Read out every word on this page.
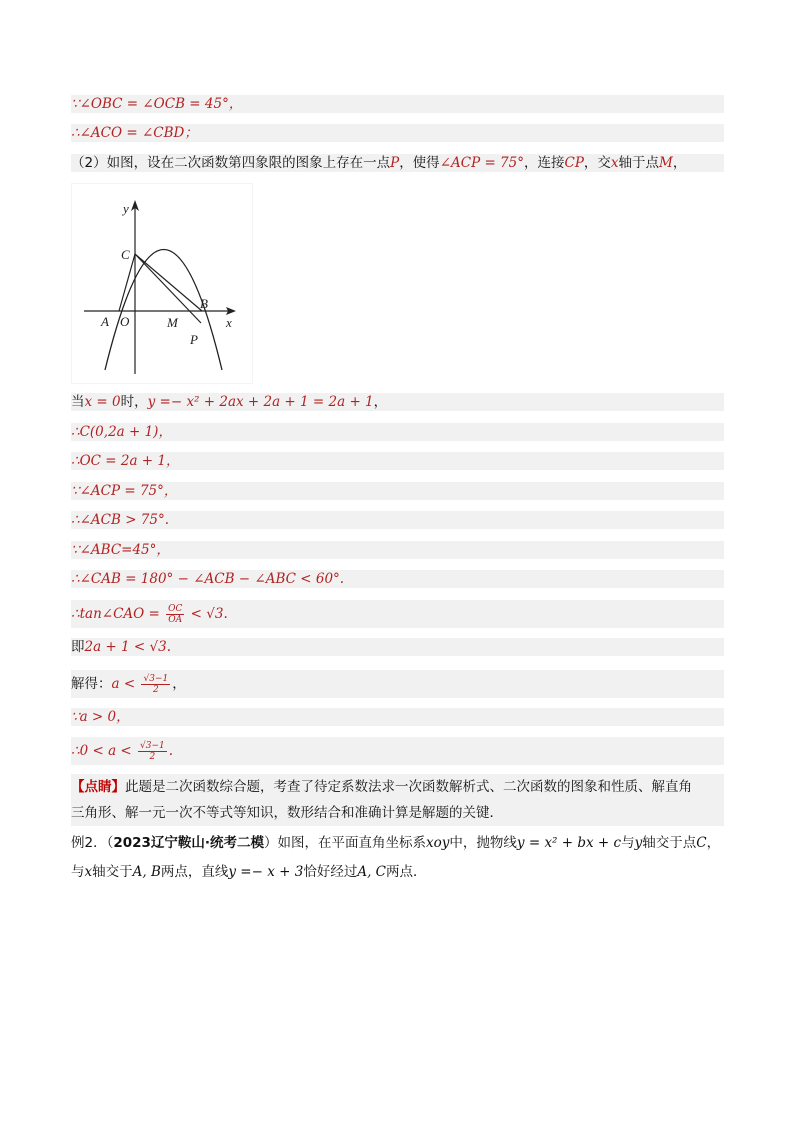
∵∠OBC = ∠OCB = 45°，
∴∠ACO = ∠CBD；
（2）如图，设在二次函数第四象限的图象上存在一点P，使得∠ACP = 75°，连接CP，交x轴于点M，
y
x
C
A O	M
B
P
当x = 0时，y =− x² + 2ax + 2a + 1 = 2a + 1，
∴C(0,2a + 1)，
∴OC = 2a + 1，
∵∠ACP = 75°，
∴∠ACB > 75°.
∵∠ABC=45°，
∴∠CAB = 180° − ∠ACB − ∠ABC < 60°.
∴tan∠CAO = $\frac{OC}{OA} < √3$.
即2a + 1 < √3.
解得：$a < \frac{√3-1}{2}$ ，
∵a > 0，
∴0 < $a < \frac{√3-1}{2}$ .
【点睛】此题是二次函数综合题，考查了待定系数法求一次函数解析式、二次函数的图象和性质、解直角
三角形、解一元一次不等式等知识，数形结合和准确计算是解题的关键．
例2．（2023辽宁鞍山·统考二模）如图，在平面直角坐标系xoy中，抛物线y = x² + bx + c与y轴交于点C，
与x轴交于A, B两点，直线y =− x + 3恰好经过A, C两点．
